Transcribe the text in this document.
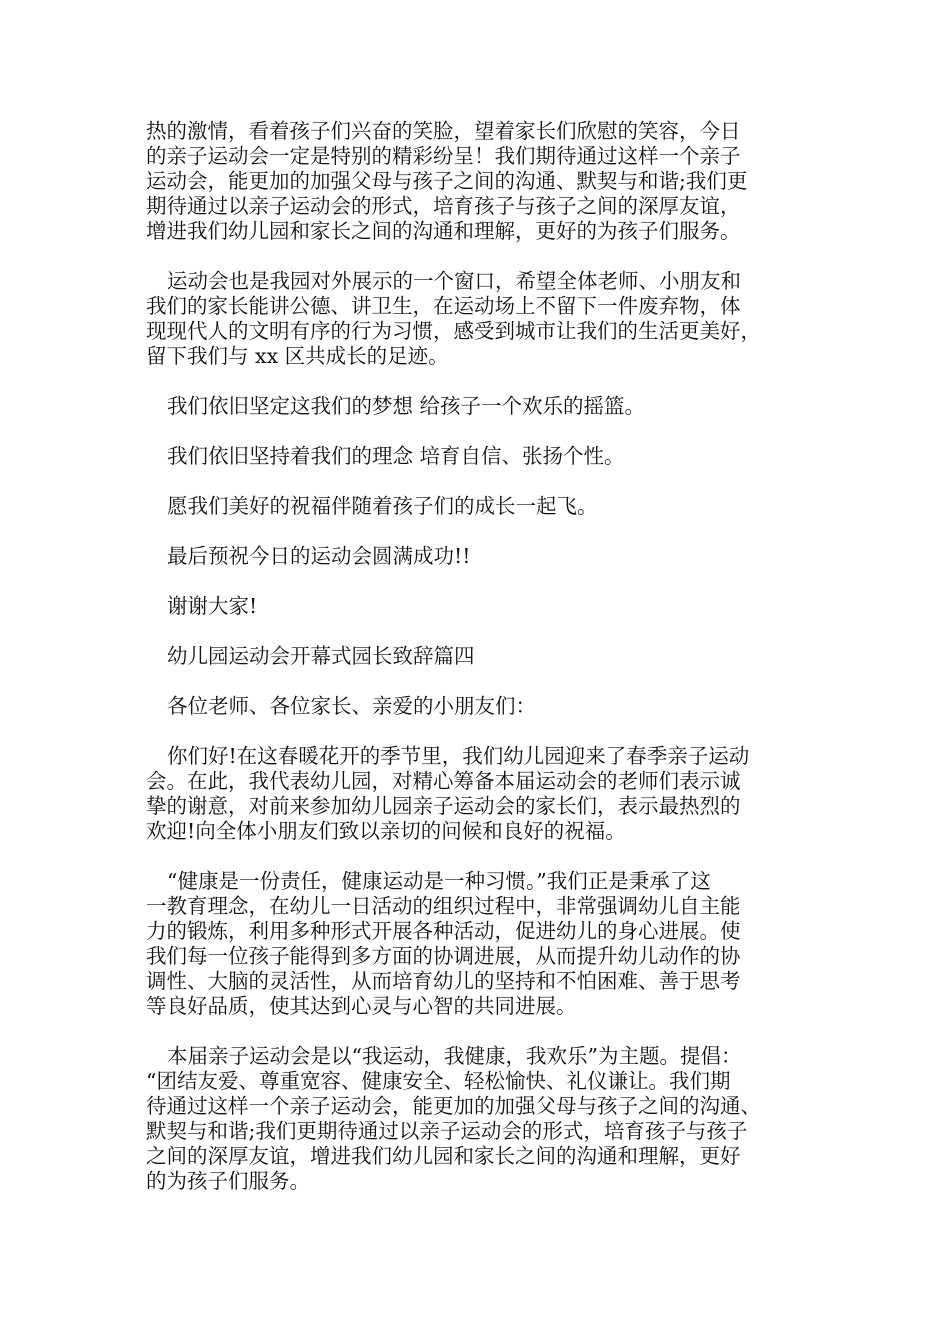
热的激情，看着孩子们兴奋的笑脸，望着家长们欣慰的笑容，今日
的亲子运动会一定是特别的精彩纷呈！我们期待通过这样一个亲子
运动会，能更加的加强父母与孩子之间的沟通、默契与和谐;我们更
期待通过以亲子运动会的形式，培育孩子与孩子之间的深厚友谊，
增进我们幼儿园和家长之间的沟通和理解，更好的为孩子们服务。

运动会也是我园对外展示的一个窗口，希望全体老师、小朋友和
我们的家长能讲公德、讲卫生，在运动场上不留下一件废弃物，体
现现代人的文明有序的行为习惯，感受到城市让我们的生活更美好，
留下我们与 xx 区共成长的足迹。

我们依旧坚定这我们的梦想 给孩子一个欢乐的摇篮。

我们依旧坚持着我们的理念 培育自信、张扬个性。

愿我们美好的祝福伴随着孩子们的成长一起飞。

最后预祝今日的运动会圆满成功!!

谢谢大家!

幼儿园运动会开幕式园长致辞篇四

各位老师、各位家长、亲爱的小朋友们：

你们好!在这春暖花开的季节里，我们幼儿园迎来了春季亲子运动
会。在此，我代表幼儿园，对精心筹备本届运动会的老师们表示诚
挚的谢意，对前来参加幼儿园亲子运动会的家长们，表示最热烈的
欢迎!向全体小朋友们致以亲切的问候和良好的祝福。

“健康是一份责任，健康运动是一种习惯。”我们正是秉承了这
一教育理念，在幼儿一日活动的组织过程中，非常强调幼儿自主能
力的锻炼，利用多种形式开展各种活动，促进幼儿的身心进展。使
我们每一位孩子能得到多方面的协调进展，从而提升幼儿动作的协
调性、大脑的灵活性，从而培育幼儿的坚持和不怕困难、善于思考
等良好品质，使其达到心灵与心智的共同进展。

本届亲子运动会是以“我运动，我健康，我欢乐”为主题。提倡：
“团结友爱、尊重宽容、健康安全、轻松愉快、礼仪谦让。我们期
待通过这样一个亲子运动会，能更加的加强父母与孩子之间的沟通、
默契与和谐;我们更期待通过以亲子运动会的形式，培育孩子与孩子
之间的深厚友谊，增进我们幼儿园和家长之间的沟通和理解，更好
的为孩子们服务。
